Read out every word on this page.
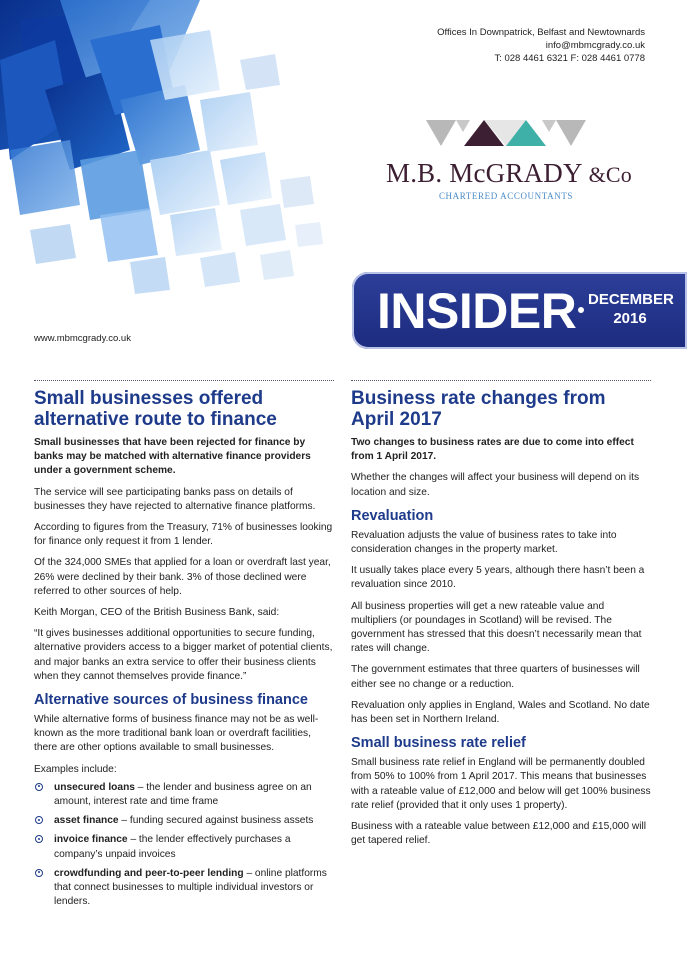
Offices In Downpatrick, Belfast and Newtownards
info@mbmcgrady.co.uk
T: 028 4461 6321 F: 028 4461 0778
M.B. McGRADY &Co
CHARTERED ACCOUNTANTS
INSIDER DECEMBER
2016
www.mbmcgrady.co.uk
Small businesses offered alternative route to finance

Small businesses that have been rejected for finance by banks may be matched with alternative finance providers under a government scheme.

The service will see participating banks pass on details of businesses they have rejected to alternative finance platforms.

According to figures from the Treasury, 71% of businesses looking for finance only request it from 1 lender.

Of the 324,000 SMEs that applied for a loan or overdraft last year, 26% were declined by their bank. 3% of those declined were referred to other sources of help.

Keith Morgan, CEO of the British Business Bank, said:

“It gives businesses additional opportunities to secure funding, alternative providers access to a bigger market of potential clients, and major banks an extra service to offer their business clients when they cannot themselves provide finance.”

Alternative sources of business finance

While alternative forms of business finance may not be as well-known as the more traditional bank loan or overdraft facilities, there are other options available to small businesses.

Examples include:

unsecured loans – the lender and business agree on an amount, interest rate and time frame
asset finance – funding secured against business assets
invoice finance – the lender effectively purchases a company’s unpaid invoices
crowdfunding and peer-to-peer lending – online platforms that connect businesses to multiple individual investors or lenders.
Business rate changes from April 2017

Two changes to business rates are due to come into effect from 1 April 2017.

Whether the changes will affect your business will depend on its location and size.

Revaluation

Revaluation adjusts the value of business rates to take into consideration changes in the property market.

It usually takes place every 5 years, although there hasn’t been a revaluation since 2010.

All business properties will get a new rateable value and multipliers (or poundages in Scotland) will be revised. The government has stressed that this doesn’t necessarily mean that rates will change.

The government estimates that three quarters of businesses will either see no change or a reduction.

Revaluation only applies in England, Wales and Scotland. No date has been set in Northern Ireland.

Small business rate relief

Small business rate relief in England will be permanently doubled from 50% to 100% from 1 April 2017. This means that businesses with a rateable value of £12,000 and below will get 100% business rate relief (provided that it only uses 1 property).

Business with a rateable value between £12,000 and £15,000 will get tapered relief.
